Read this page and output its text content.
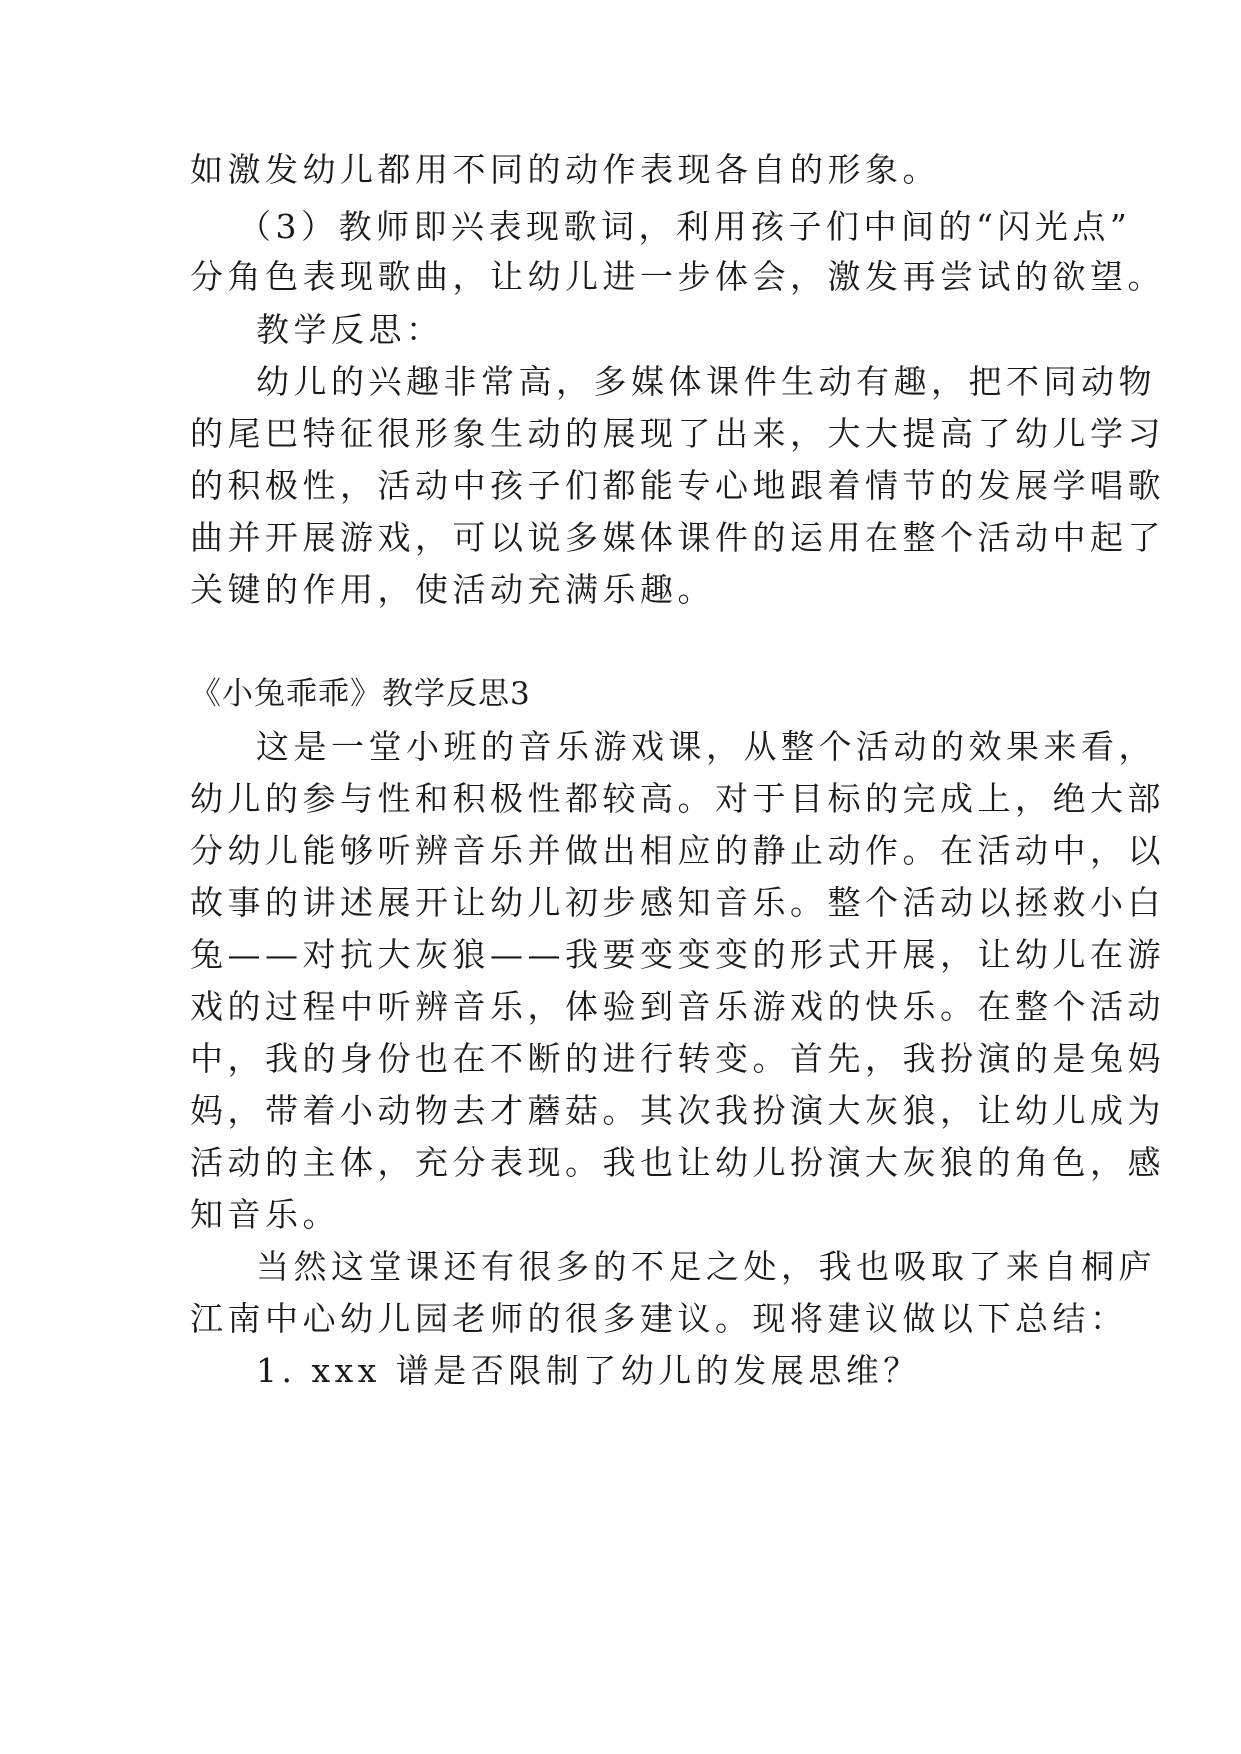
如激发幼儿都用不同的动作表现各自的形象。

（3）教师即兴表现歌词，利用孩子们中间的“闪光点”

分角色表现歌曲，让幼儿进一步体会，激发再尝试的欲望。

教学反思：

幼儿的兴趣非常高，多媒体课件生动有趣，把不同动物

的尾巴特征很形象生动的展现了出来，大大提高了幼儿学习

的积极性，活动中孩子们都能专心地跟着情节的发展学唱歌

曲并开展游戏，可以说多媒体课件的运用在整个活动中起了

关键的作用，使活动充满乐趣。

《小兔乖乖》教学反思3

这是一堂小班的音乐游戏课，从整个活动的效果来看，

幼儿的参与性和积极性都较高。对于目标的完成上，绝大部

分幼儿能够听辨音乐并做出相应的静止动作。在活动中，以

故事的讲述展开让幼儿初步感知音乐。整个活动以拯救小白

兔——对抗大灰狼——我要变变变的形式开展，让幼儿在游

戏的过程中听辨音乐，体验到音乐游戏的快乐。在整个活动

中，我的身份也在不断的进行转变。首先，我扮演的是兔妈

妈，带着小动物去才蘑菇。其次我扮演大灰狼，让幼儿成为

活动的主体，充分表现。我也让幼儿扮演大灰狼的角色，感

知音乐。

当然这堂课还有很多的不足之处，我也吸取了来自桐庐

江南中心幼儿园老师的很多建议。现将建议做以下总结：

1. xxx 谱是否限制了幼儿的发展思维？
